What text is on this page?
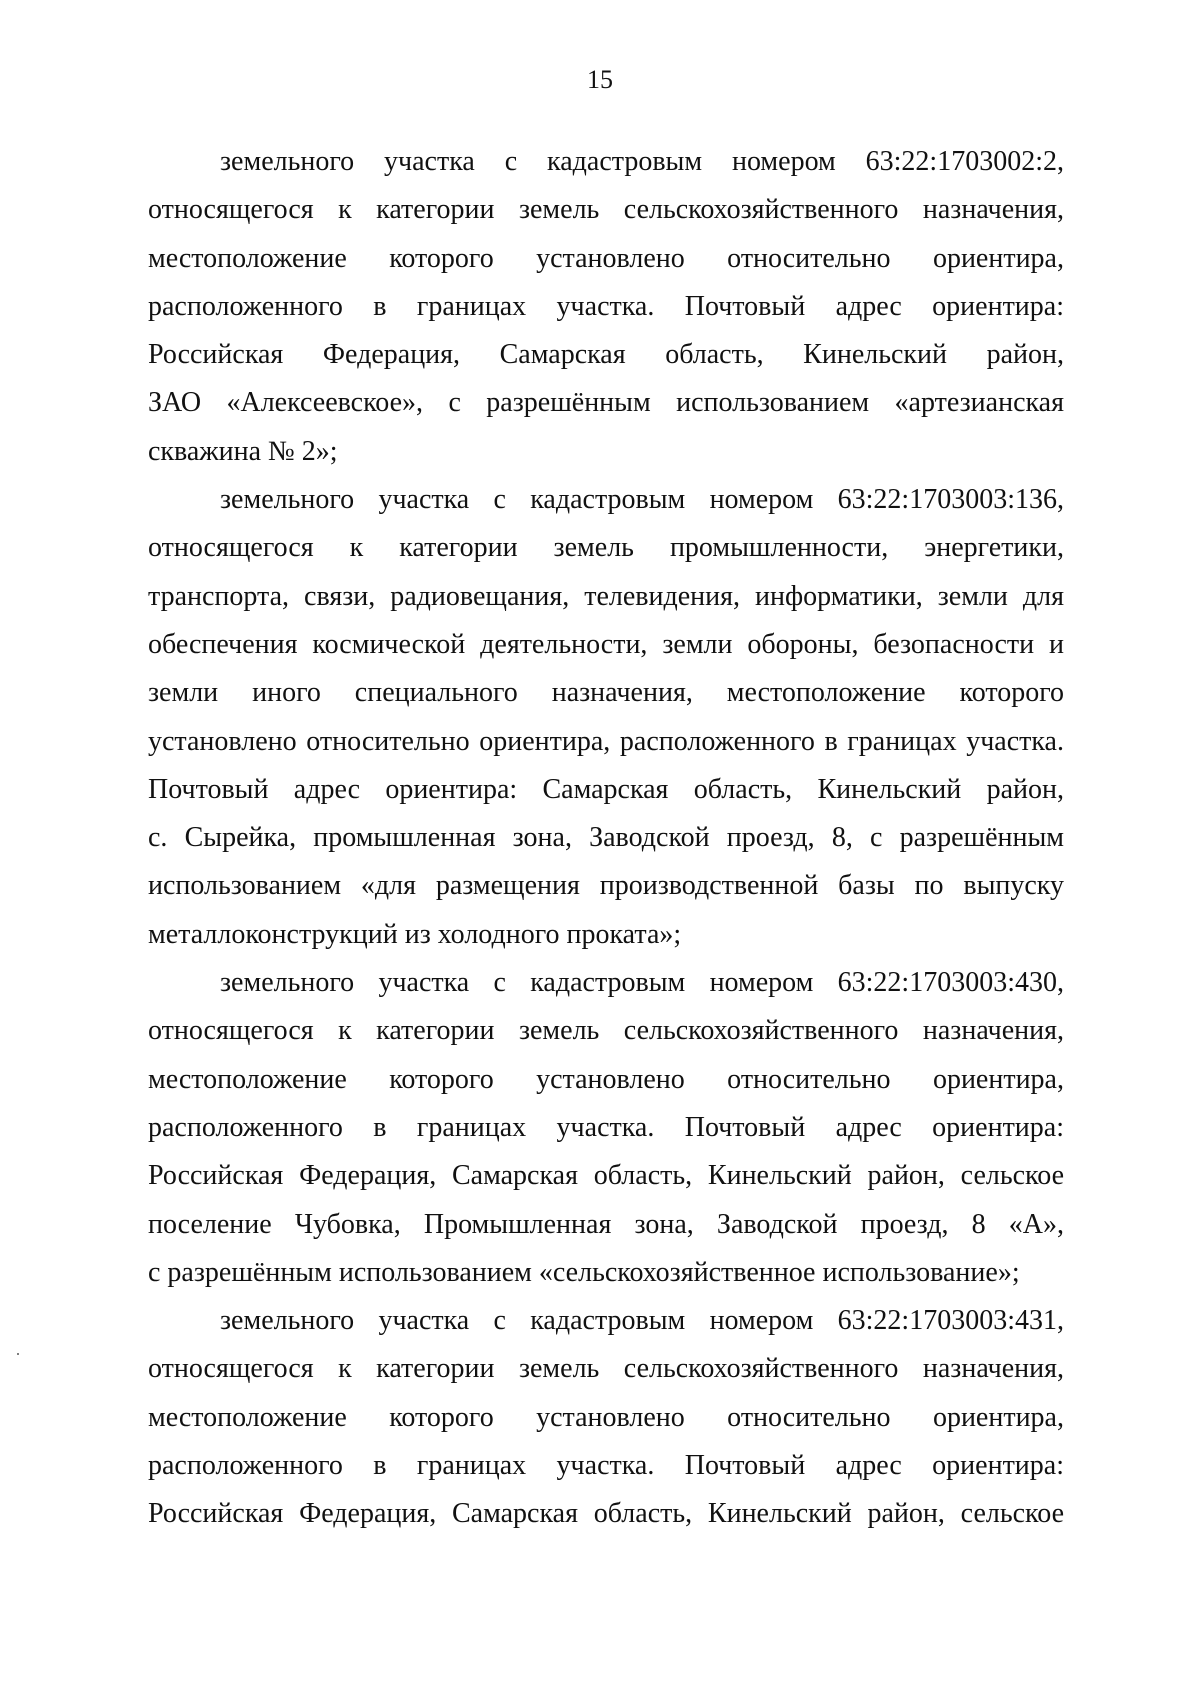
15

земельного участка с кадастровым номером 63:22:1703002:2,
относящегося к категории земель сельскохозяйственного назначения,
местоположение которого установлено относительно ориентира,
расположенного в границах участка. Почтовый адрес ориентира:
Российская Федерация, Самарская область, Кинельский район,
ЗАО «Алексеевское», с разрешённым использованием «артезианская
скважина № 2»;

земельного участка с кадастровым номером 63:22:1703003:136,
относящегося к категории земель промышленности, энергетики,
транспорта, связи, радиовещания, телевидения, информатики, земли для
обеспечения космической деятельности, земли обороны, безопасности и
земли иного специального назначения, местоположение которого
установлено относительно ориентира, расположенного в границах участка.
Почтовый адрес ориентира: Самарская область, Кинельский район,
с. Сырейка, промышленная зона, Заводской проезд, 8, с разрешённым
использованием «для размещения производственной базы по выпуску
металлоконструкций из холодного проката»;

земельного участка с кадастровым номером 63:22:1703003:430,
относящегося к категории земель сельскохозяйственного назначения,
местоположение которого установлено относительно ориентира,
расположенного в границах участка. Почтовый адрес ориентира:
Российская Федерация, Самарская область, Кинельский район, сельское
поселение Чубовка, Промышленная зона, Заводской проезд, 8 «А»,
с разрешённым использованием «сельскохозяйственное использование»;

земельного участка с кадастровым номером 63:22:1703003:431,
относящегося к категории земель сельскохозяйственного назначения,
местоположение которого установлено относительно ориентира,
расположенного в границах участка. Почтовый адрес ориентира:
Российская Федерация, Самарская область, Кинельский район, сельское
